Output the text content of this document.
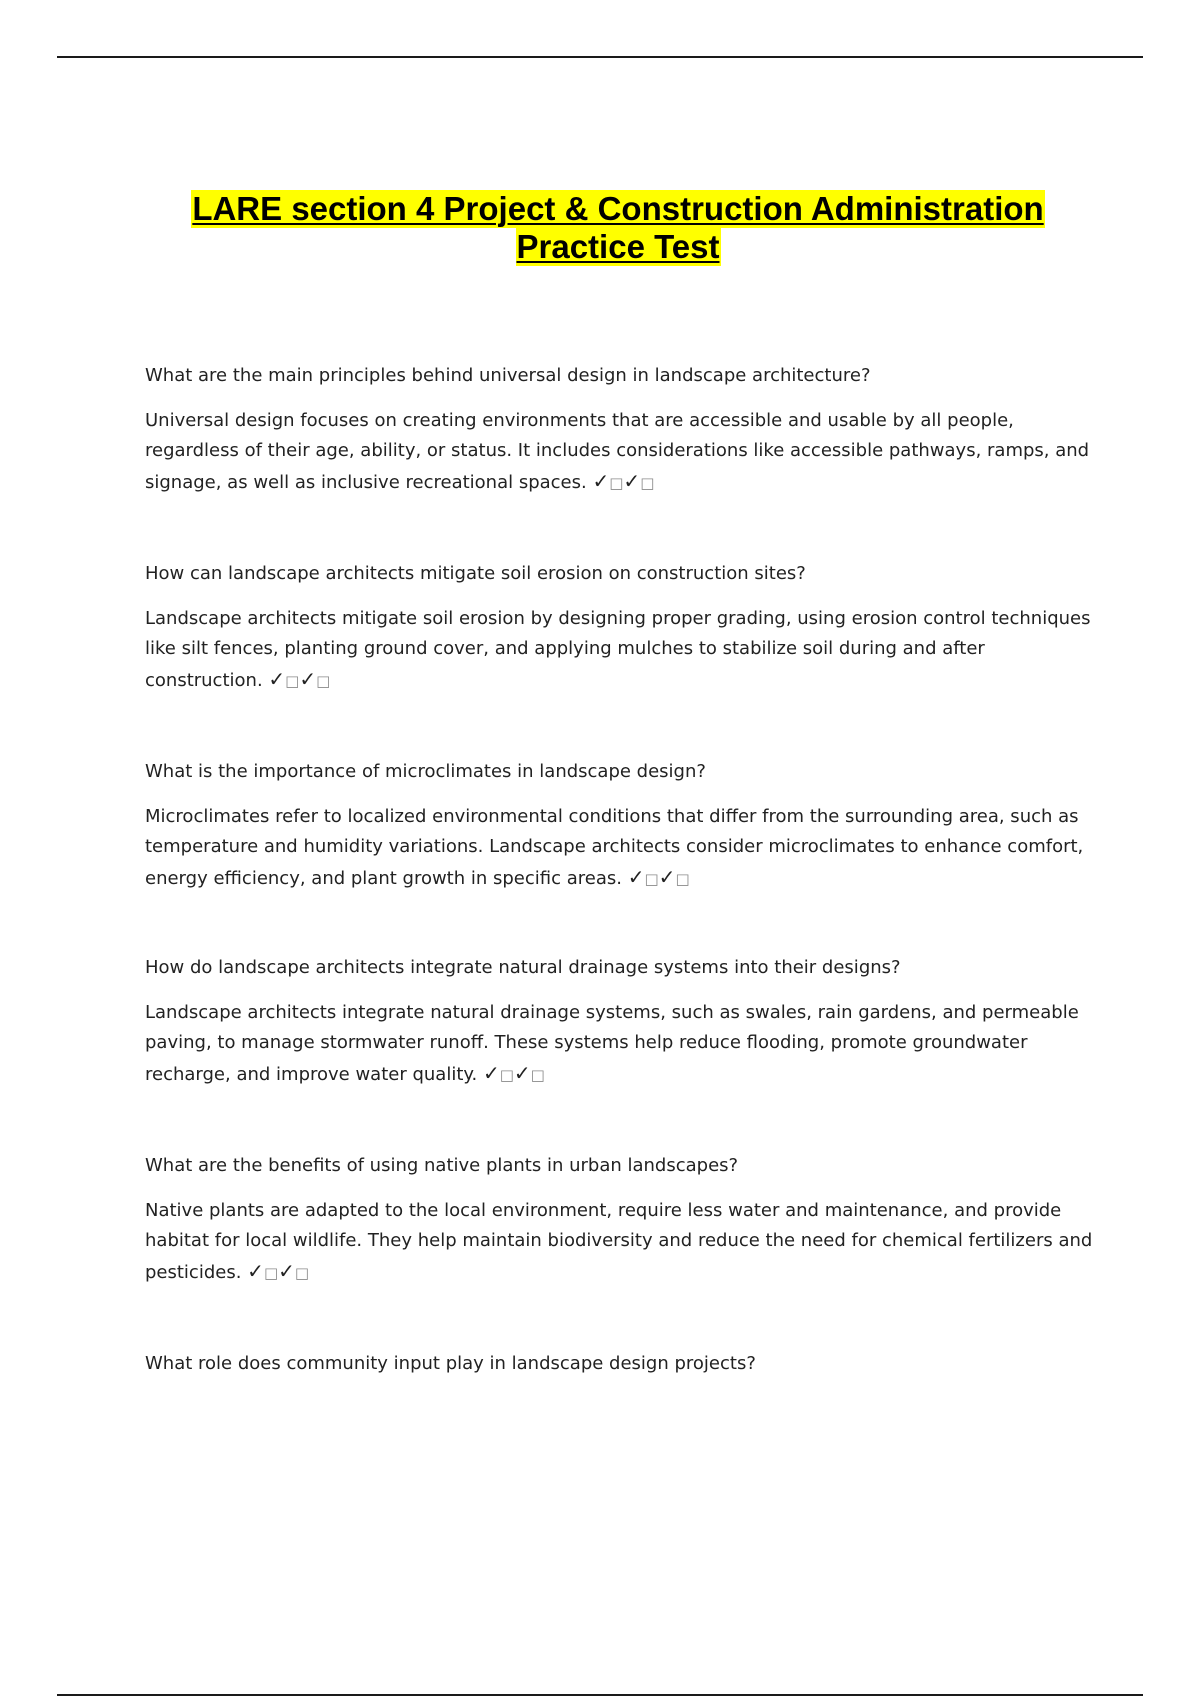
LARE section 4 Project & Construction Administration
Practice Test

What are the main principles behind universal design in landscape architecture?

Universal design focuses on creating environments that are accessible and usable by all people, regardless of their age, ability, or status. It includes considerations like accessible pathways, ramps, and signage, as well as inclusive recreational spaces. ✓□✓□

How can landscape architects mitigate soil erosion on construction sites?

Landscape architects mitigate soil erosion by designing proper grading, using erosion control techniques like silt fences, planting ground cover, and applying mulches to stabilize soil during and after construction. ✓□✓□

What is the importance of microclimates in landscape design?

Microclimates refer to localized environmental conditions that differ from the surrounding area, such as temperature and humidity variations. Landscape architects consider microclimates to enhance comfort, energy efficiency, and plant growth in specific areas. ✓□✓□

How do landscape architects integrate natural drainage systems into their designs?

Landscape architects integrate natural drainage systems, such as swales, rain gardens, and permeable paving, to manage stormwater runoff. These systems help reduce flooding, promote groundwater recharge, and improve water quality. ✓□✓□

What are the benefits of using native plants in urban landscapes?

Native plants are adapted to the local environment, require less water and maintenance, and provide habitat for local wildlife. They help maintain biodiversity and reduce the need for chemical fertilizers and pesticides. ✓□✓□

What role does community input play in landscape design projects?
